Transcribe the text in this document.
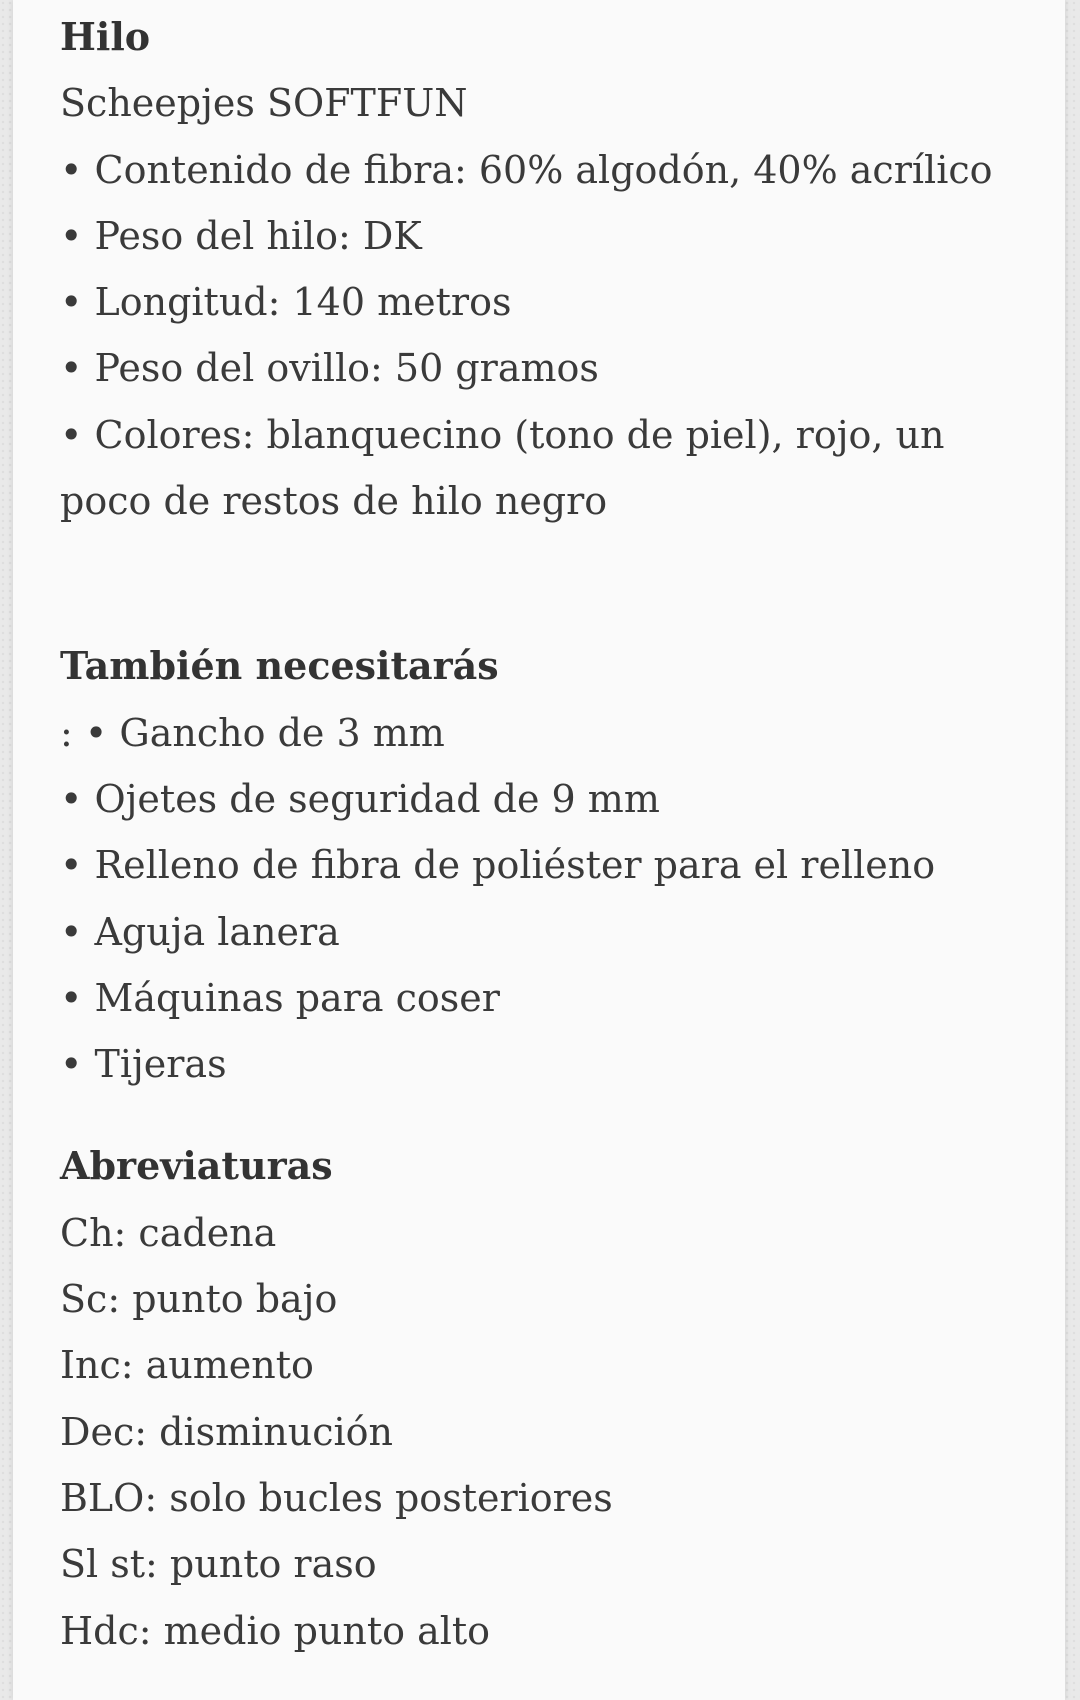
Hilo
Scheepjes SOFTFUN
• Contenido de fibra: 60% algodón, 40% acrílico
• Peso del hilo: DK
• Longitud: 140 metros
• Peso del ovillo: 50 gramos
• Colores: blanquecino (tono de piel), rojo, un poco de restos de hilo negro
También necesitarás
: • Gancho de 3 mm
• Ojetes de seguridad de 9 mm
• Relleno de fibra de poliéster para el relleno
• Aguja lanera
• Máquinas para coser
• Tijeras
Abreviaturas
Ch: cadena
Sc: punto bajo
Inc: aumento
Dec: disminución
BLO: solo bucles posteriores
Sl st: punto raso
Hdc: medio punto alto
